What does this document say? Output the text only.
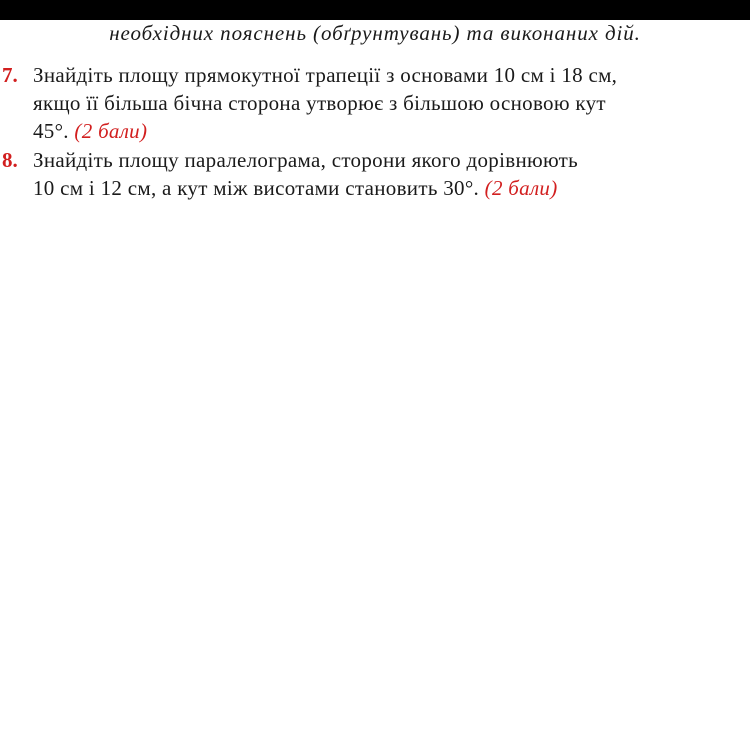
необхідних пояснень (обґрунтувань) та виконаних дій.
7. Знайдіть площу прямокутної трапеції з основами 10 см і 18 см,
якщо її більша бічна сторона утворює з більшою основою кут
45°. (2 бали)
8. Знайдіть площу паралелограма, сторони якого дорівнюють
10 см і 12 см, а кут між висотами становить 30°. (2 бали)
